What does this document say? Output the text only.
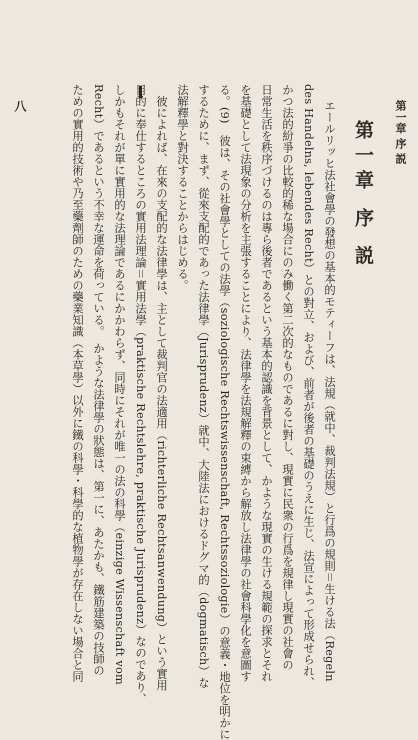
第一章 序 説
第一章 序 説
エールリッヒ法社會學の發想の基本的モティーフは、法規（就中、裁判法規）と行爲の規則＝生ける法（Regeln
des Handelns, lebendes Recht）との對立、および、前者が後者の基礎のうえに生じ、法宣によって形成せられ、
かつ法的紛爭の比較的稀な場合にのみ働く第二次的なものであるに對し、現實に民衆の行爲を規律し現實の社會の
日常生活を秩序づけるのは專ら後者であるという基本的認識を背景として、かような現實の生ける規範の探求とそれ
を基礎として法現象の分析を主張することにより、法律學を法規解釋の束縛から解放し法律學の社會科學化を意圖す
る。(9)　彼は、その社會學としての法學（soziologische Rechtswissenschaft, Rechtssoziologie）の意義・地位を明かに
するために、まず、從來支配的であった法律學（Jurisprudenz）就中、大陸法におけるドグマ的（dogmatisch）な
法解釋學と對決することからはじめる。
　彼によれば、在來の支配的な法律學は、主として裁判官の法適用（richterliche Rechtsanwendung）という實用
目的に奉仕するところの實用法理論＝實用法學（praktische Rechtslehre, praktische Jurisprudenz）なのであり、
しかもそれが單に實用的な法理論であるにかかわらず、同時にそれが唯一の法の科學（einzige Wissenschaft vom
Recht）であるという不幸な運命を荷っている。　かような法律學の狀態は、第一に、あたかも、鐵筋建築の技師の
ための實用的技術や乃至藥劑師のための藥業知識（本草學）以外に鐵の科學・科學的な植物學が存在しない場合と同
八
